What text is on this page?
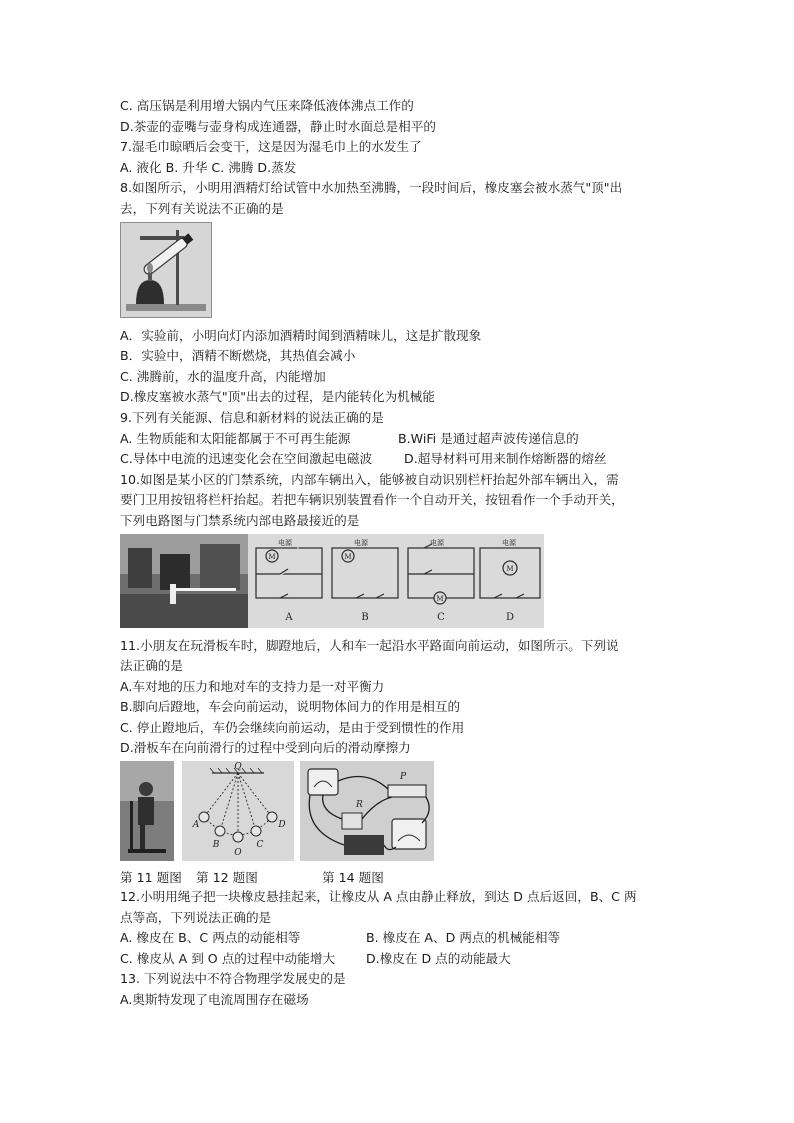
C. 高压锅是利用增大锅内气压来降低液体沸点工作的
D.茶壶的壶嘴与壶身构成连通器，静止时水面总是相平的
7.湿毛巾晾晒后会变干，这是因为湿毛巾上的水发生了
A. 液化 B. 升华 C. 沸腾 D.蒸发
8.如图所示，小明用酒精灯给试管中水加热至沸腾，一段时间后，橡皮塞会被水蒸气"顶"出
去，下列有关说法不正确的是
A．实验前，小明向灯内添加酒精时闻到酒精味儿，这是扩散现象
B．实验中，酒精不断燃烧，其热值会减小
C. 沸腾前，水的温度升高，内能增加
D.橡皮塞被水蒸气"顶"出去的过程，是内能转化为机械能
9.下列有关能源、信息和新材料的说法正确的是
A. 生物质能和太阳能都属于不可再生能源	B.WiFi 是通过超声波传递信息的
C.导体中电流的迅速变化会在空间激起电磁波	D.超导材料可用来制作熔断器的熔丝
10.如图是某小区的门禁系统，内部车辆出入，能够被自动识别栏杆抬起外部车辆出入，需
要门卫用按钮将栏杆抬起。若把车辆识别装置看作一个自动开关，按钮看作一个手动开关，
下列电路图与门禁系统内部电路最接近的是
电源	电源	电源	电源
M	M
M
M
A	B	C	D
11.小朋友在玩滑板车时，脚蹬地后，人和车一起沿水平路面向前运动，如图所示。下列说
法正确的是
A.车对地的压力和地对车的支持力是一对平衡力
B.脚向后蹬地，车会向前运动，说明物体间力的作用是相互的
C. 停止蹬地后，车仍会继续向前运动，是由于受到惯性的作用
D.滑板车在向前滑行的过程中受到向后的滑动摩擦力
Q
A
B
O
C
D
P
R
第 11 题图 第 12 题图	第 14 题图
12.小明用绳子把一块橡皮悬挂起来，让橡皮从 A 点由静止释放，到达 D 点后返回，B、C 两
点等高，下列说法正确的是
A. 橡皮在 B、C 两点的动能相等	B. 橡皮在 A、D 两点的机械能相等
C. 橡皮从 A 到 O 点的过程中动能增大 D.橡皮在 D 点的动能最大
13. 下列说法中不符合物理学发展史的是
A.奥斯特发现了电流周围存在磁场
